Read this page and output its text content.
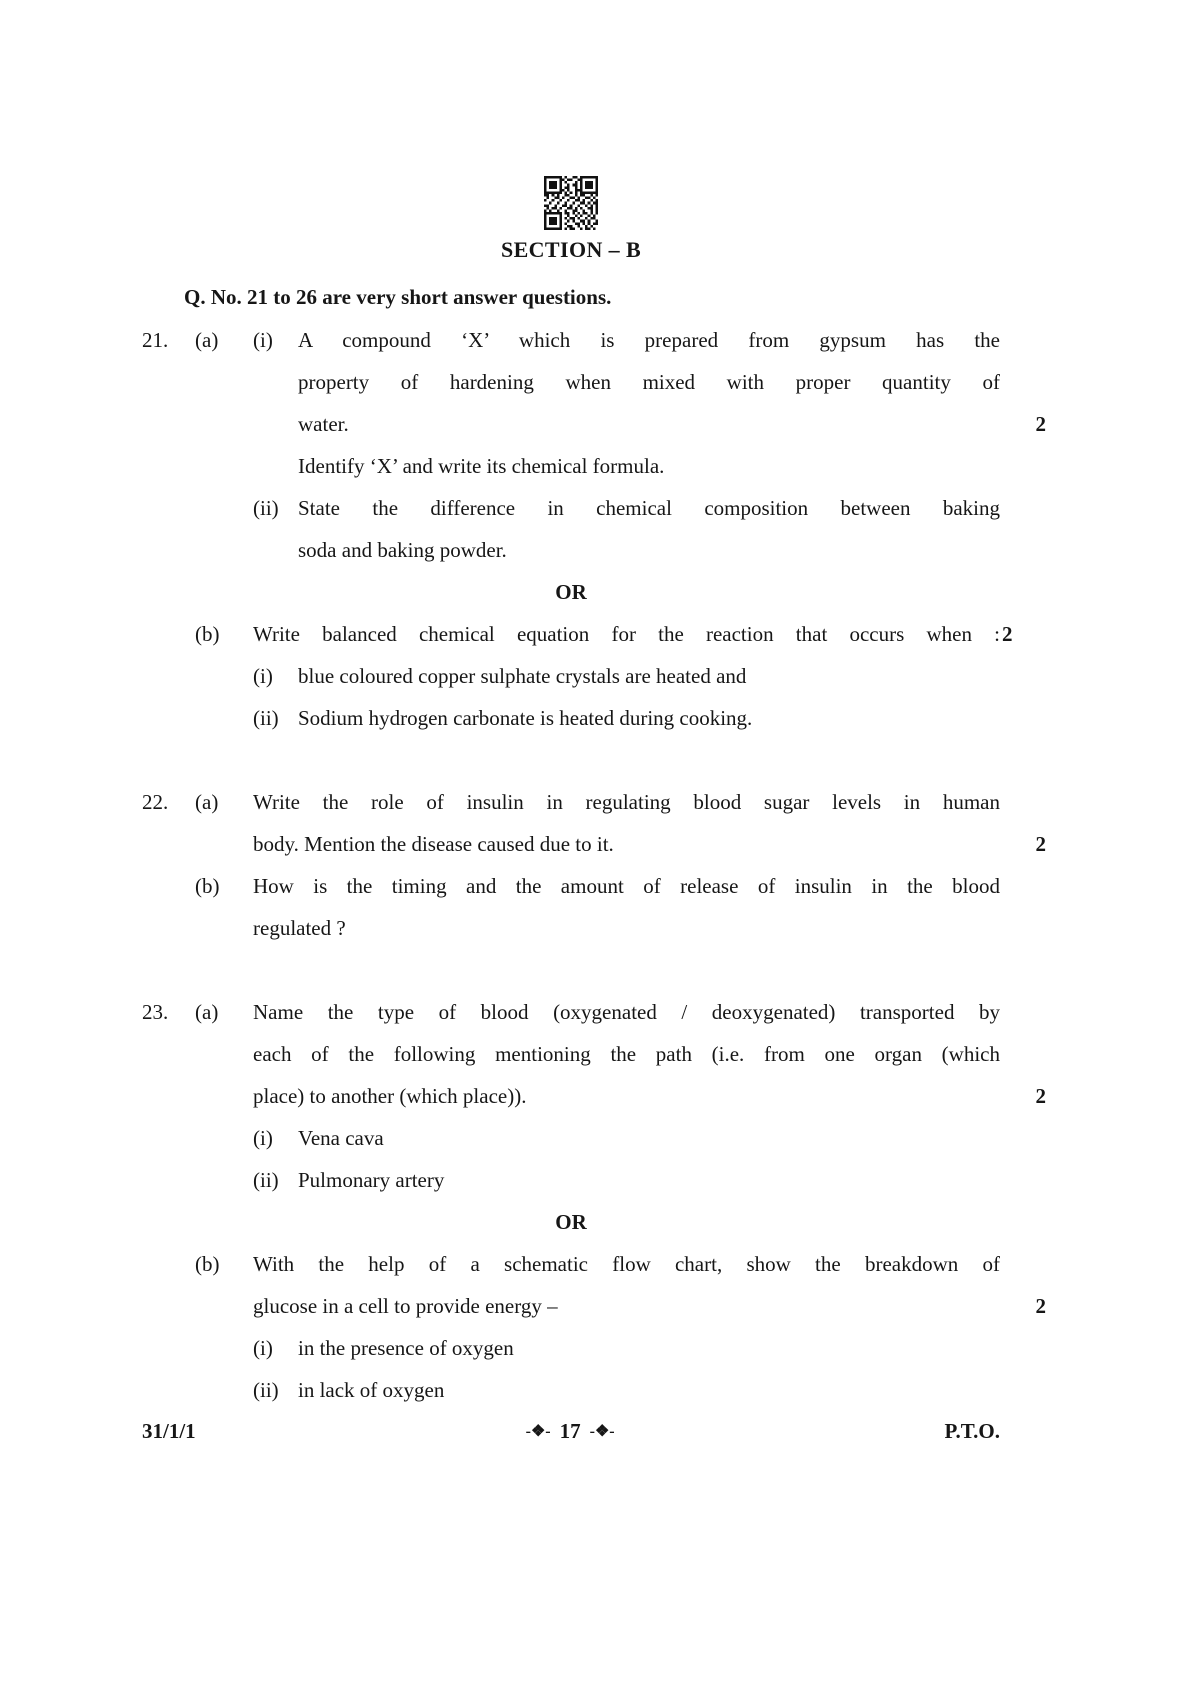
SECTION – B
Q. No. 21 to 26 are very short answer questions.
21.	(a)	(i)	A compound ‘X’ which is prepared from gypsum has the
property of hardening when mixed with proper quantity of
water.	2
Identify ‘X’ and write its chemical formula.
(ii) State the difference in chemical composition between baking
soda and baking powder.
OR
(b)	Write balanced chemical equation for the reaction that occurs when : 2
(i)	blue coloured copper sulphate crystals are heated and
(ii) Sodium hydrogen carbonate is heated during cooking.
22.	(a)	Write the role of insulin in regulating blood sugar levels in human
body. Mention the disease caused due to it.	2
(b)	How is the timing and the amount of release of insulin in the blood
regulated ?
23.	(a)	Name the type of blood (oxygenated / deoxygenated) transported by
each of the following mentioning the path (i.e. from one organ (which
place) to another (which place)).	2
(i)	Vena cava
(ii) Pulmonary artery
OR
(b)	With the help of a schematic flow chart, show the breakdown of
glucose in a cell to provide energy –	2
(i)	in the presence of oxygen
(ii) in lack of oxygen
31/1/1	-❖- 17 -❖-	P.T.O.
